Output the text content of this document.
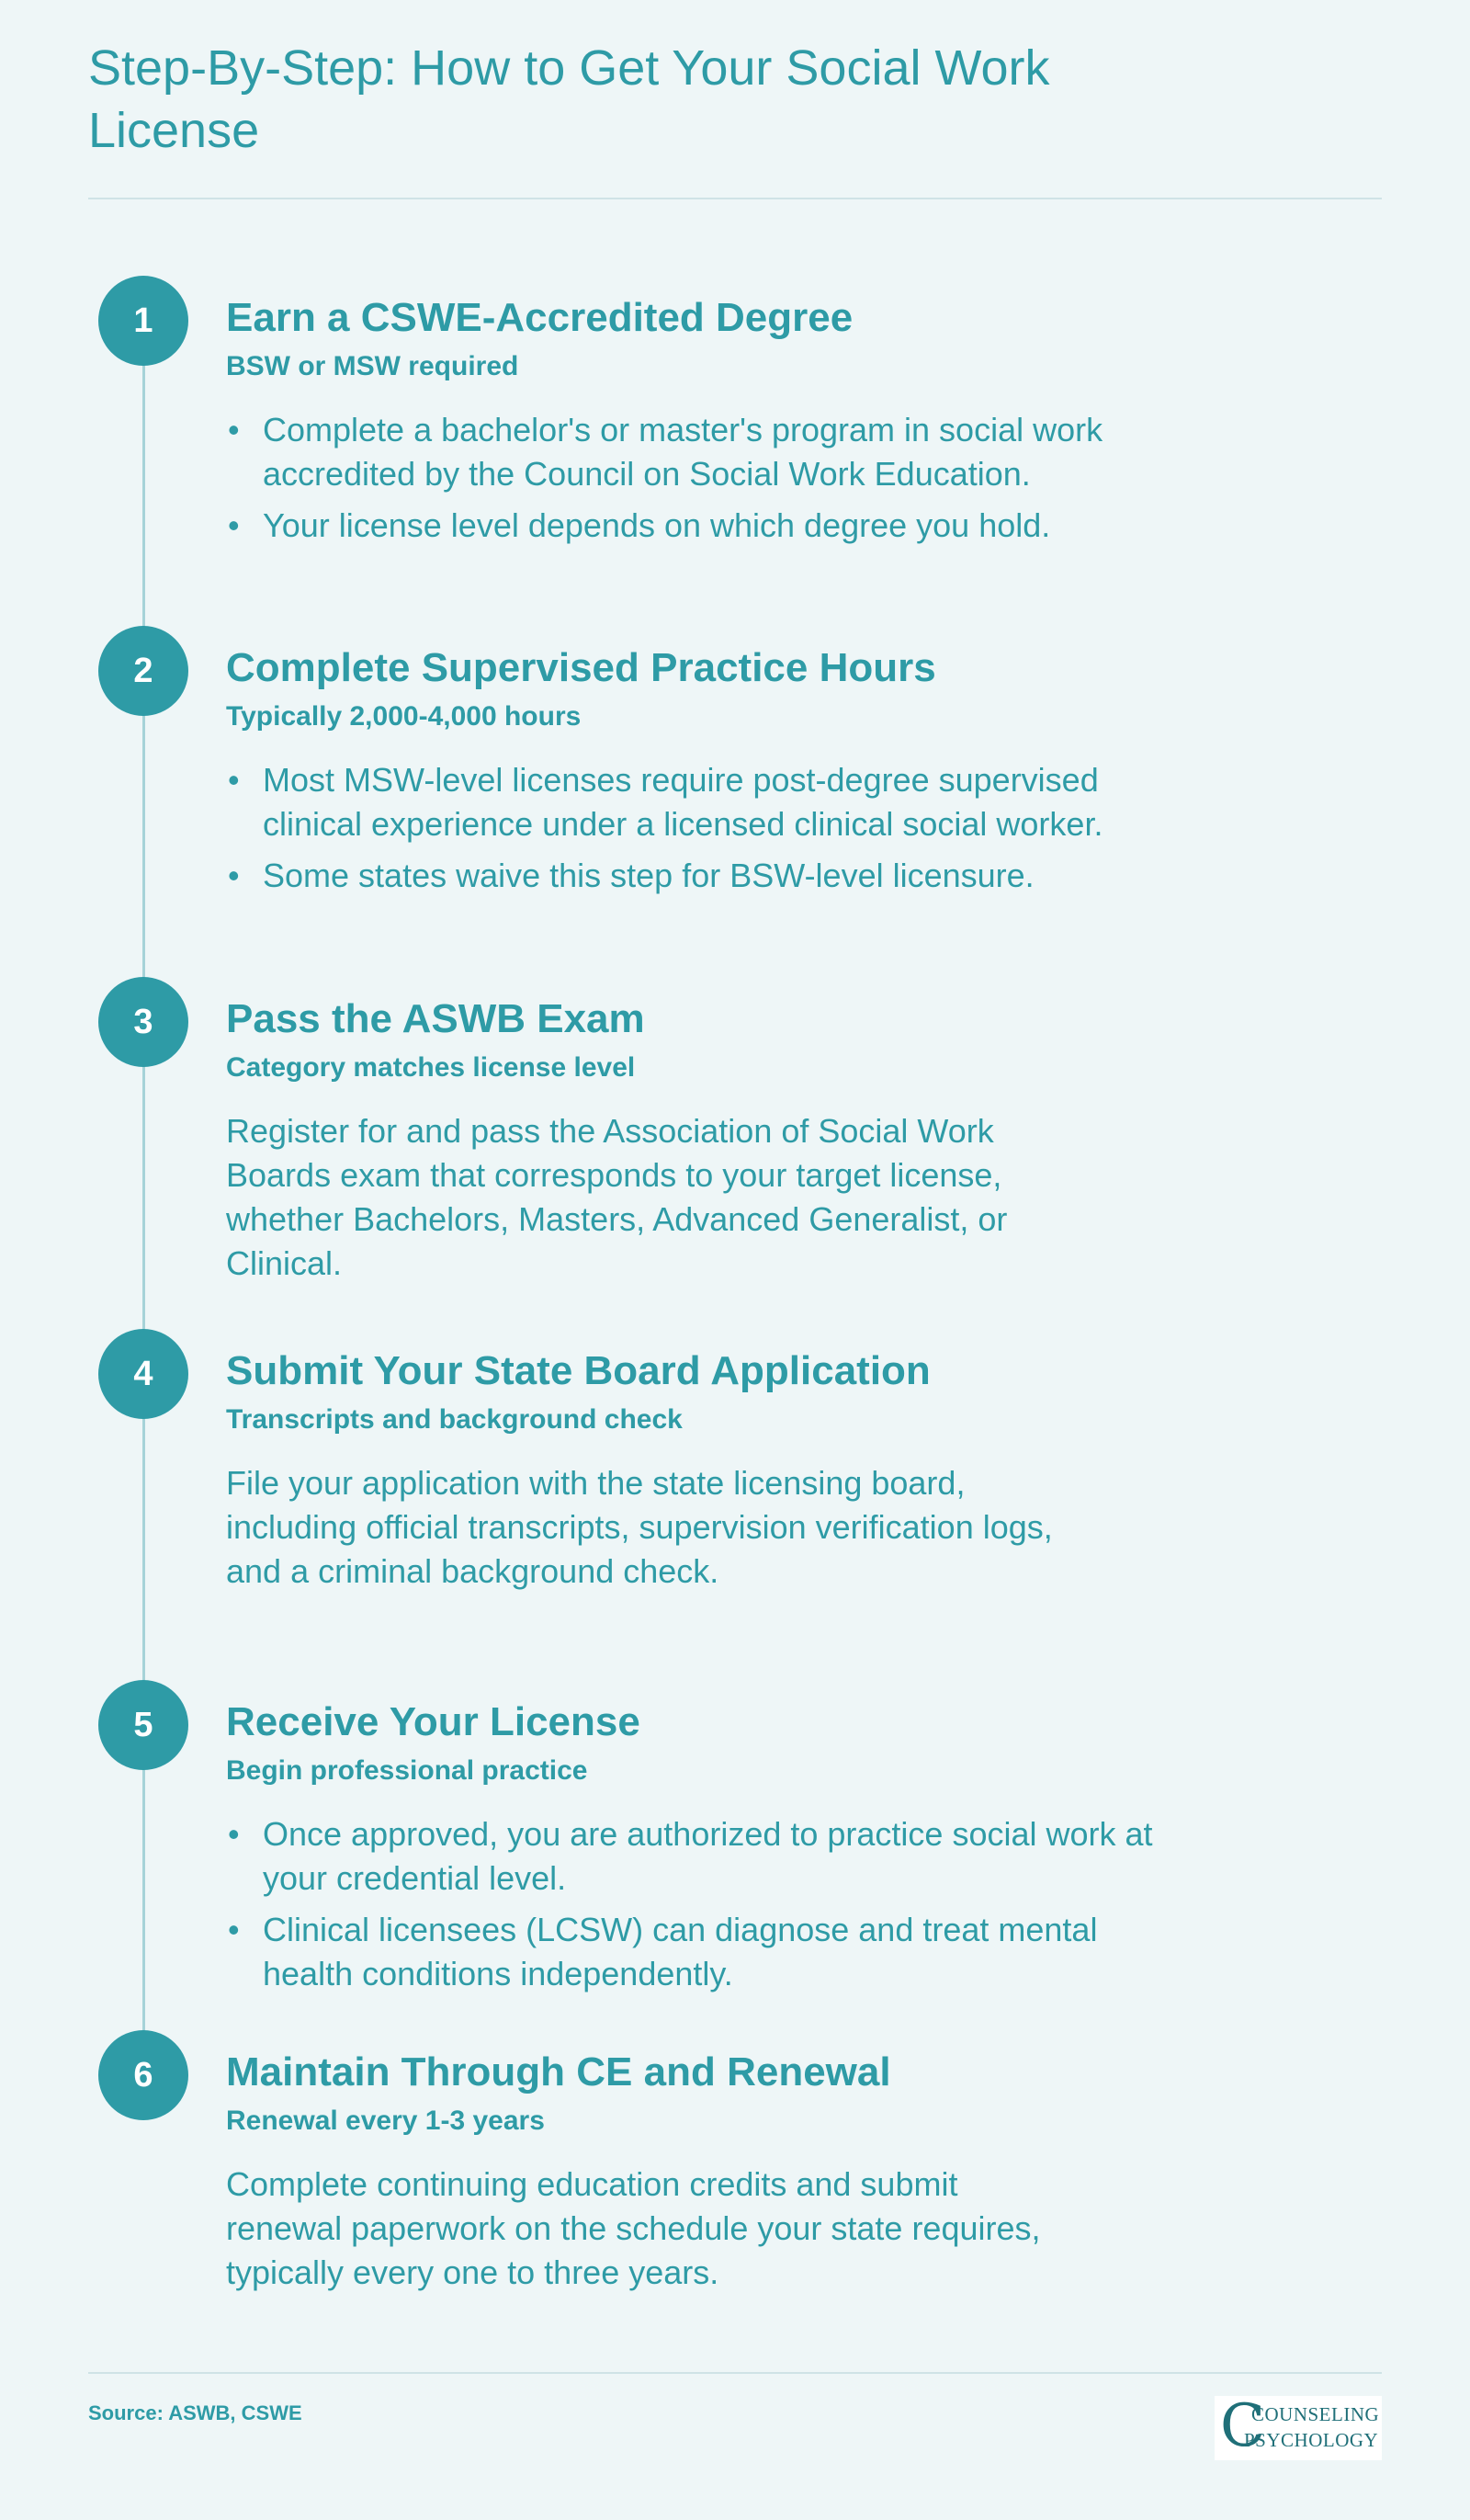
Step-By-Step: How to Get Your Social Work License
1	Earn a CSWE-Accredited Degree

BSW or MSW required

• Complete a bachelor's or master's program in social work accredited by the Council on Social Work Education.
• Your license level depends on which degree you hold.
2	Complete Supervised Practice Hours

Typically 2,000-4,000 hours

• Most MSW-level licenses require post-degree supervised clinical experience under a licensed clinical social worker.
• Some states waive this step for BSW-level licensure.
3	Pass the ASWB Exam

Category matches license level

Register for and pass the Association of Social Work Boards exam that corresponds to your target license, whether Bachelors, Masters, Advanced Generalist, or Clinical.

4	Submit Your State Board Application

Transcripts and background check

File your application with the state licensing board, including official transcripts, supervision verification logs, and a criminal background check.

5	Receive Your License

Begin professional practice

• Once approved, you are authorized to practice social work at your credential level.
• Clinical licensees (LCSW) can diagnose and treat mental health conditions independently.
6	Maintain Through CE and Renewal

Renewal every 1-3 years

Complete continuing education credits and submit renewal paperwork on the schedule your state requires, typically every one to three years.

Source: ASWB, CSWE	C
COUNSELING
PSYCHOLOGY
